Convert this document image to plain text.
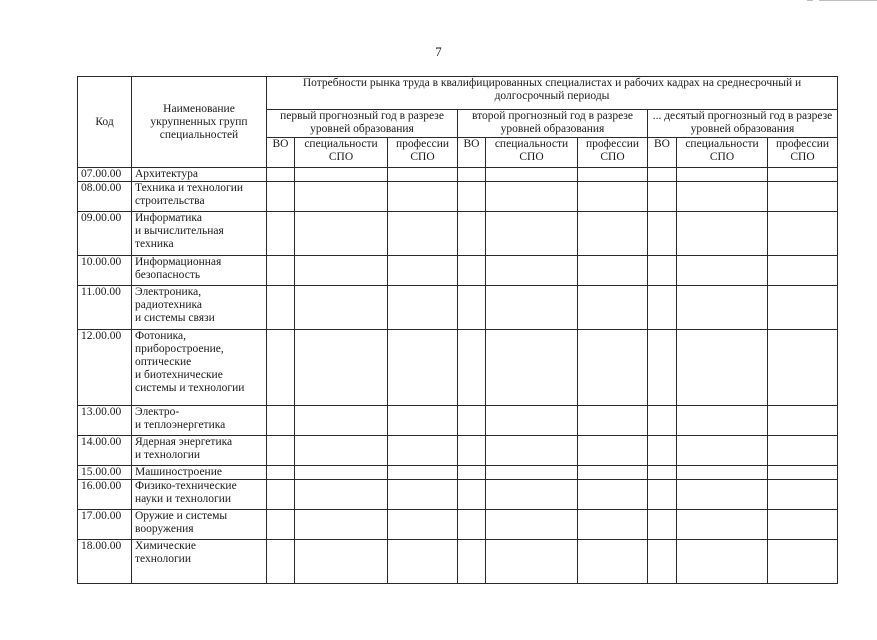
7
Код	Наименование укрупненных групп специальностей	Потребности рынка труда в квалифицированных специалистах и рабочих кадрах на среднесрочный и долгосрочный периоды								
		первый прогнозный год в разрезе уровней образования			второй прогнозный год в разрезе уровней образования			... десятый прогнозный год в разрезе уровней образования		
		ВО	специальности СПО	профессии СПО	ВО	специальности СПО	профессии СПО	ВО	специальности СПО	профессии СПО
07.00.00	Архитектура									
08.00.00	Техника и технологии строительства									
09.00.00	Информатика
и вычислительная техника									
10.00.00	Информационная безопасность									
11.00.00	Электроника,
радиотехника
и системы связи									
12.00.00	Фотоника,
приборостроение,
оптические
и биотехнические
системы и технологии									
13.00.00	Электро-
и теплоэнергетика									
14.00.00	Ядерная энергетика
и технологии									
15.00.00	Машиностроение									
16.00.00	Физико-технические
науки и технологии									
17.00.00	Оружие и системы
вооружения									
18.00.00	Химические
технологии									
